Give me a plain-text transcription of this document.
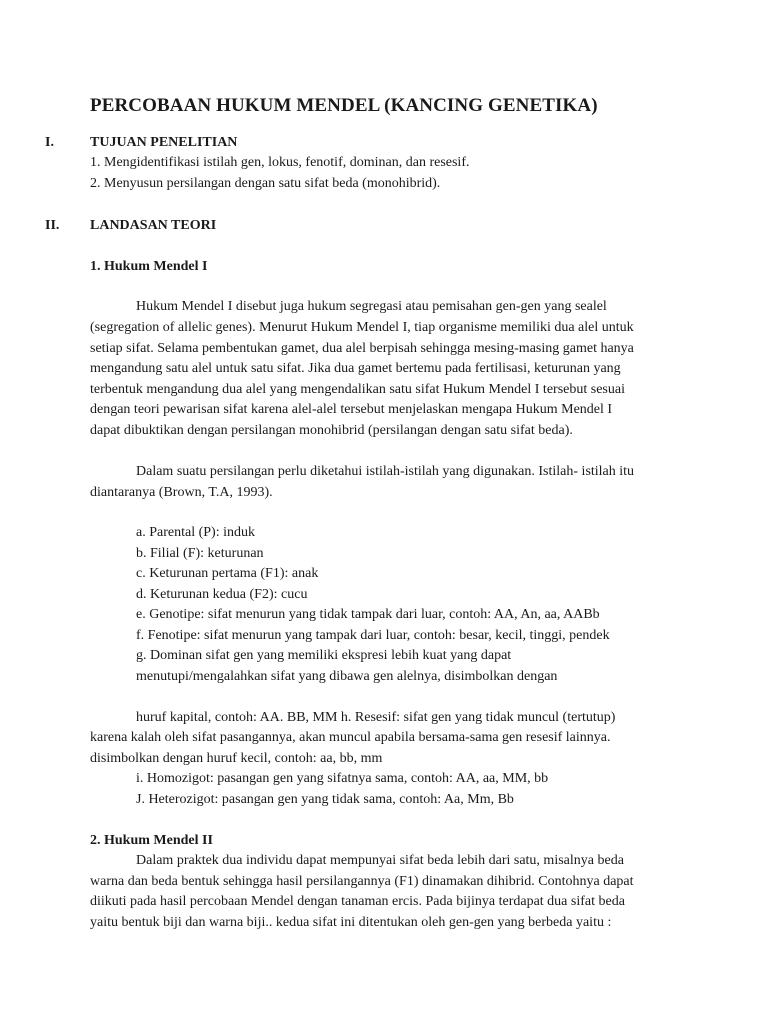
PERCOBAAN HUKUM MENDEL (KANCING GENETIKA)
I.	TUJUAN PENELITIAN
1. Mengidentifikasi istilah gen, lokus, fenotif, dominan, dan resesif.
2. Menyusun persilangan dengan satu sifat beda (monohibrid).
II. LANDASAN TEORI
1. Hukum Mendel I
Hukum Mendel I disebut juga hukum segregasi atau pemisahan gen-gen yang sealel
(segregation of allelic genes). Menurut Hukum Mendel I, tiap organisme memiliki dua alel untuk
setiap sifat. Selama pembentukan gamet, dua alel berpisah sehingga mesing-masing gamet hanya
mengandung satu alel untuk satu sifat. Jika dua gamet bertemu pada fertilisasi, keturunan yang
terbentuk mengandung dua alel yang mengendalikan satu sifat Hukum Mendel I tersebut sesuai
dengan teori pewarisan sifat karena alel-alel tersebut menjelaskan mengapa Hukum Mendel I
dapat dibuktikan dengan persilangan monohibrid (persilangan dengan satu sifat beda).
Dalam suatu persilangan perlu diketahui istilah-istilah yang digunakan. Istilah- istilah itu
diantaranya (Brown, T.A, 1993).
a. Parental (P): induk
b. Filial (F): keturunan
c. Keturunan pertama (F1): anak
d. Keturunan kedua (F2): cucu
e. Genotipe: sifat menurun yang tidak tampak dari luar, contoh: AA, An, aa, AABb
f. Fenotipe: sifat menurun yang tampak dari luar, contoh: besar, kecil, tinggi, pendek
g. Dominan sifat gen yang memiliki ekspresi lebih kuat yang dapat
menutupi/mengalahkan sifat yang dibawa gen alelnya, disimbolkan dengan
huruf kapital, contoh: AA. BB, MM h. Resesif: sifat gen yang tidak muncul (tertutup)
karena kalah oleh sifat pasangannya, akan muncul apabila bersama-sama gen resesif lainnya.
disimbolkan dengan huruf kecil, contoh: aa, bb, mm
i. Homozigot: pasangan gen yang sifatnya sama, contoh: AA, aa, MM, bb
J. Heterozigot: pasangan gen yang tidak sama, contoh: Aa, Mm, Bb
2. Hukum Mendel II
Dalam praktek dua individu dapat mempunyai sifat beda lebih dari satu, misalnya beda
warna dan beda bentuk sehingga hasil persilangannya (F1) dinamakan dihibrid. Contohnya dapat
diikuti pada hasil percobaan Mendel dengan tanaman ercis. Pada bijinya terdapat dua sifat beda
yaitu bentuk biji dan warna biji.. kedua sifat ini ditentukan oleh gen-gen yang berbeda yaitu :
